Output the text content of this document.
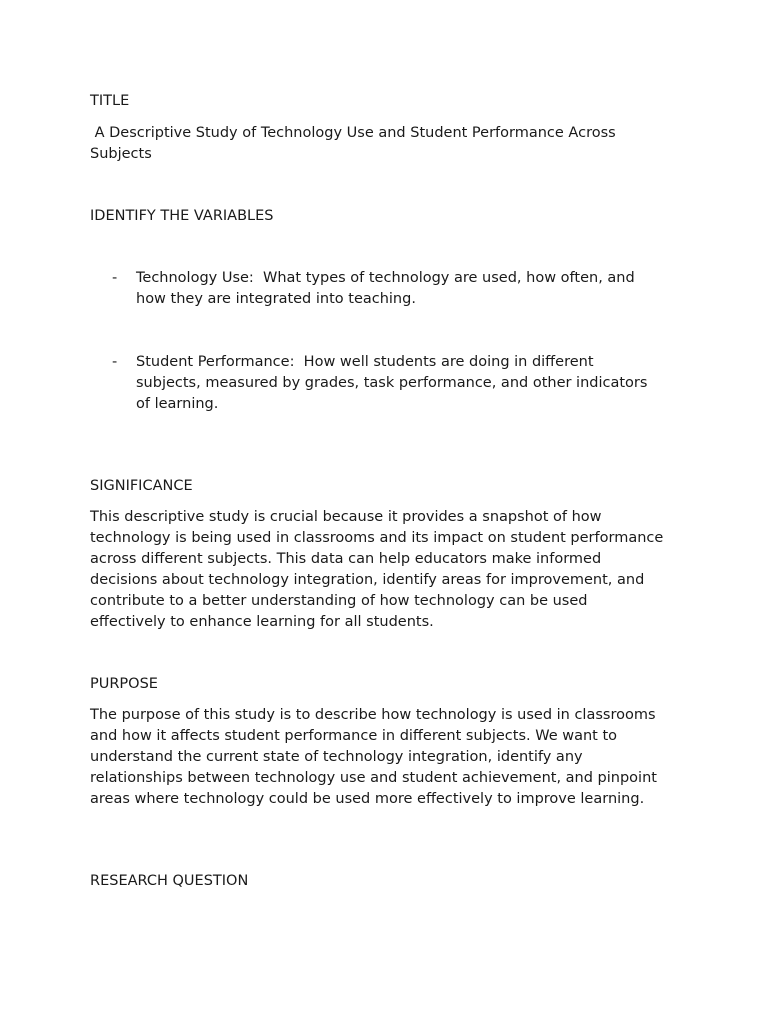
TITLE

A Descriptive Study of Technology Use and Student Performance Across Subjects

IDENTIFY THE VARIABLES

-	Technology Use:  What types of technology are used, how often, and how they are integrated into teaching.
-	Student Performance:  How well students are doing in different subjects, measured by grades, task performance, and other indicators of learning.

SIGNIFICANCE

This descriptive study is crucial because it provides a snapshot of how technology is being used in classrooms and its impact on student performance across different subjects. This data can help educators make informed decisions about technology integration, identify areas for improvement, and contribute to a better understanding of how technology can be used effectively to enhance learning for all students.

PURPOSE

The purpose of this study is to describe how technology is used in classrooms and how it affects student performance in different subjects. We want to understand the current state of technology integration, identify any relationships between technology use and student achievement, and pinpoint areas where technology could be used more effectively to improve learning.

RESEARCH QUESTION
